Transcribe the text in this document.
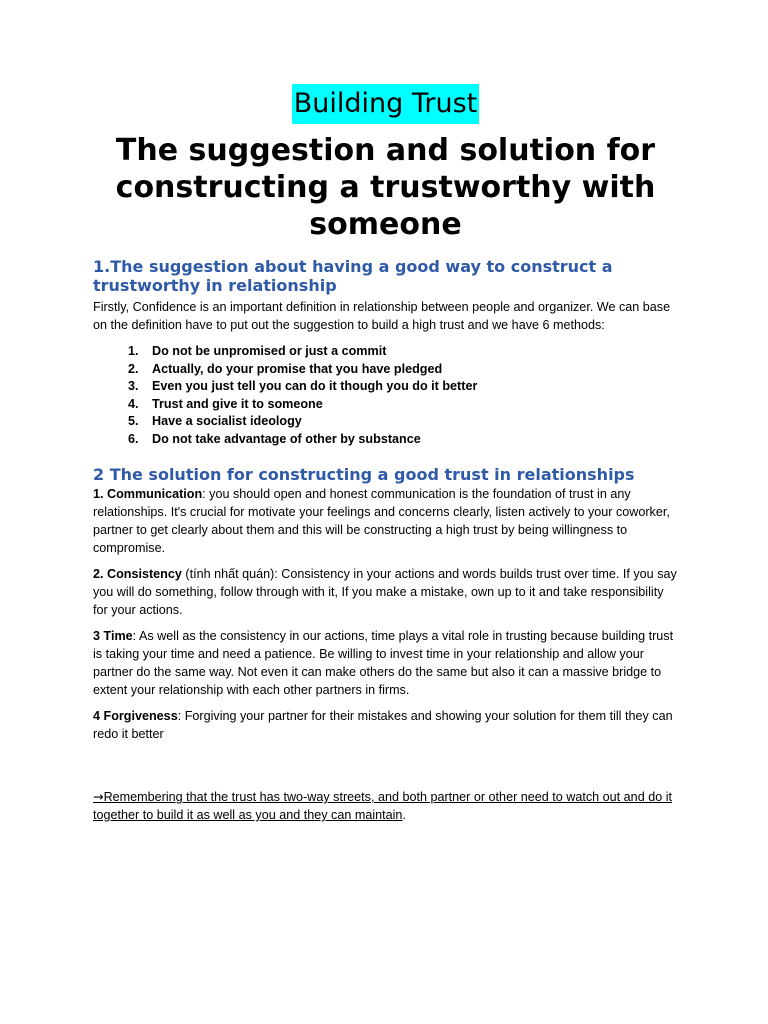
Building Trust
The suggestion and solution for constructing a trustworthy with someone
1.The suggestion about having a good way to construct a trustworthy in relationship

Firstly, Confidence is an important definition in relationship between people and organizer. We can base on the definition have to put out the suggestion to build a high trust and we have 6 methods:

1.	Do not be unpromised or just a commit
2.	Actually, do your promise that you have pledged
3.	Even you just tell you can do it though you do it better
4.	Trust and give it to someone
5.	Have a socialist ideology
6.	Do not take advantage of other by substance
2 The solution for constructing a good trust in relationships

1. Communication: you should open and honest communication is the foundation of trust in any relationships. It's crucial for motivate your feelings and concerns clearly, listen actively to your coworker, partner to get clearly about them and this will be constructing a high trust by being willingness to compromise.

2. Consistency (tính nhất quán): Consistency in your actions and words builds trust over time. If you say you will do something, follow through with it, If you make a mistake, own up to it and take responsibility for your actions.

3 Time: As well as the consistency in our actions, time plays a vital role in trusting because building trust is taking your time and need a patience. Be willing to invest time in your relationship and allow your partner do the same way. Not even it can make others do the same but also it can a massive bridge to extent your relationship with each other partners in firms.

4 Forgiveness: Forgiving your partner for their mistakes and showing your solution for them till they can redo it better

→Remembering that the trust has two-way streets, and both partner or other need to watch out and do it together to build it as well as you and they can maintain.
